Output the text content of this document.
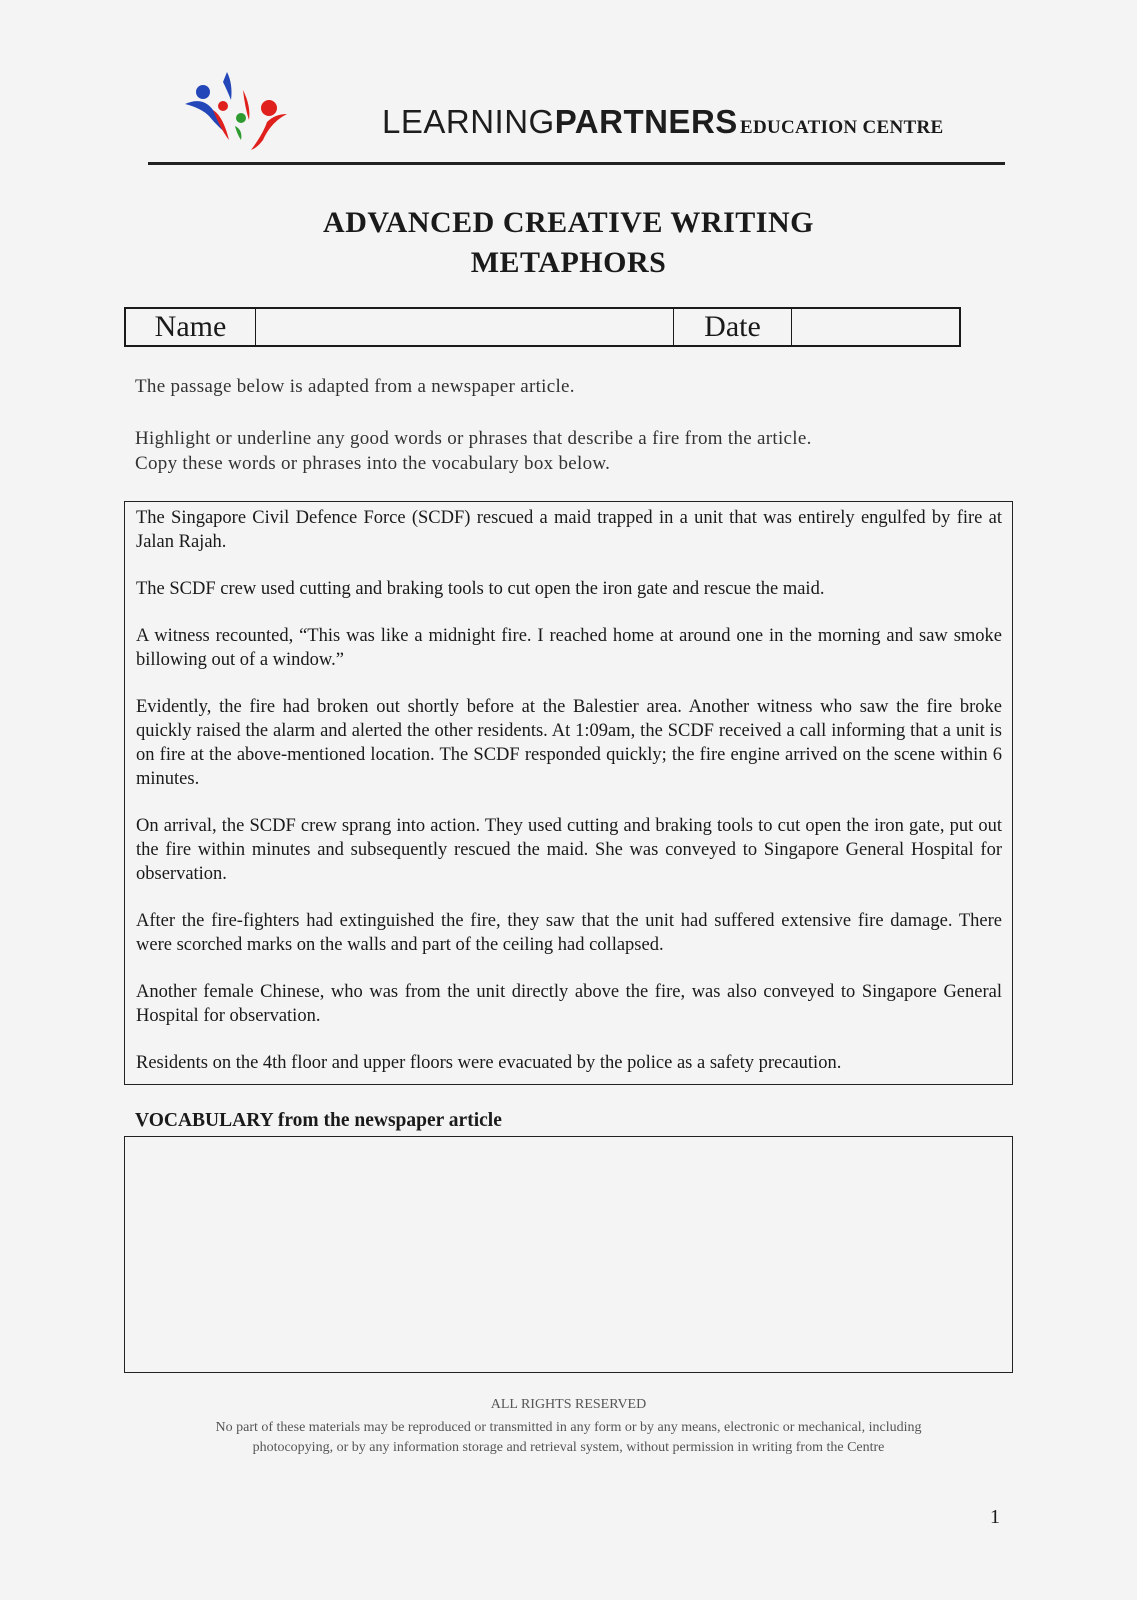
LEARNINGPARTNERS EDUCATION CENTRE
ADVANCED CREATIVE WRITING
METAPHORS
Name	Date
The passage below is adapted from a newspaper article.
Highlight or underline any good words or phrases that describe a fire from the article.
Copy these words or phrases into the vocabulary box below.

The Singapore Civil Defence Force (SCDF) rescued a maid trapped in a unit that was entirely engulfed by fire at Jalan Rajah.

The SCDF crew used cutting and braking tools to cut open the iron gate and rescue the maid.

A witness recounted, “This was like a midnight fire. I reached home at around one in the morning and saw smoke billowing out of a window.”

Evidently, the fire had broken out shortly before at the Balestier area. Another witness who saw the fire broke quickly raised the alarm and alerted the other residents. At 1:09am, the SCDF received a call informing that a unit is on fire at the above-mentioned location. The SCDF responded quickly; the fire engine arrived on the scene within 6 minutes.

On arrival, the SCDF crew sprang into action. They used cutting and braking tools to cut open the iron gate, put out the fire within minutes and subsequently rescued the maid. She was conveyed to Singapore General Hospital for observation.

After the fire-fighters had extinguished the fire, they saw that the unit had suffered extensive fire damage. There were scorched marks on the walls and part of the ceiling had collapsed.

Another female Chinese, who was from the unit directly above the fire, was also conveyed to Singapore General Hospital for observation.

Residents on the 4th floor and upper floors were evacuated by the police as a safety precaution.

VOCABULARY from the newspaper article
ALL RIGHTS RESERVED
No part of these materials may be reproduced or transmitted in any form or by any means, electronic or mechanical, including
photocopying, or by any information storage and retrieval system, without permission in writing from the Centre
1
